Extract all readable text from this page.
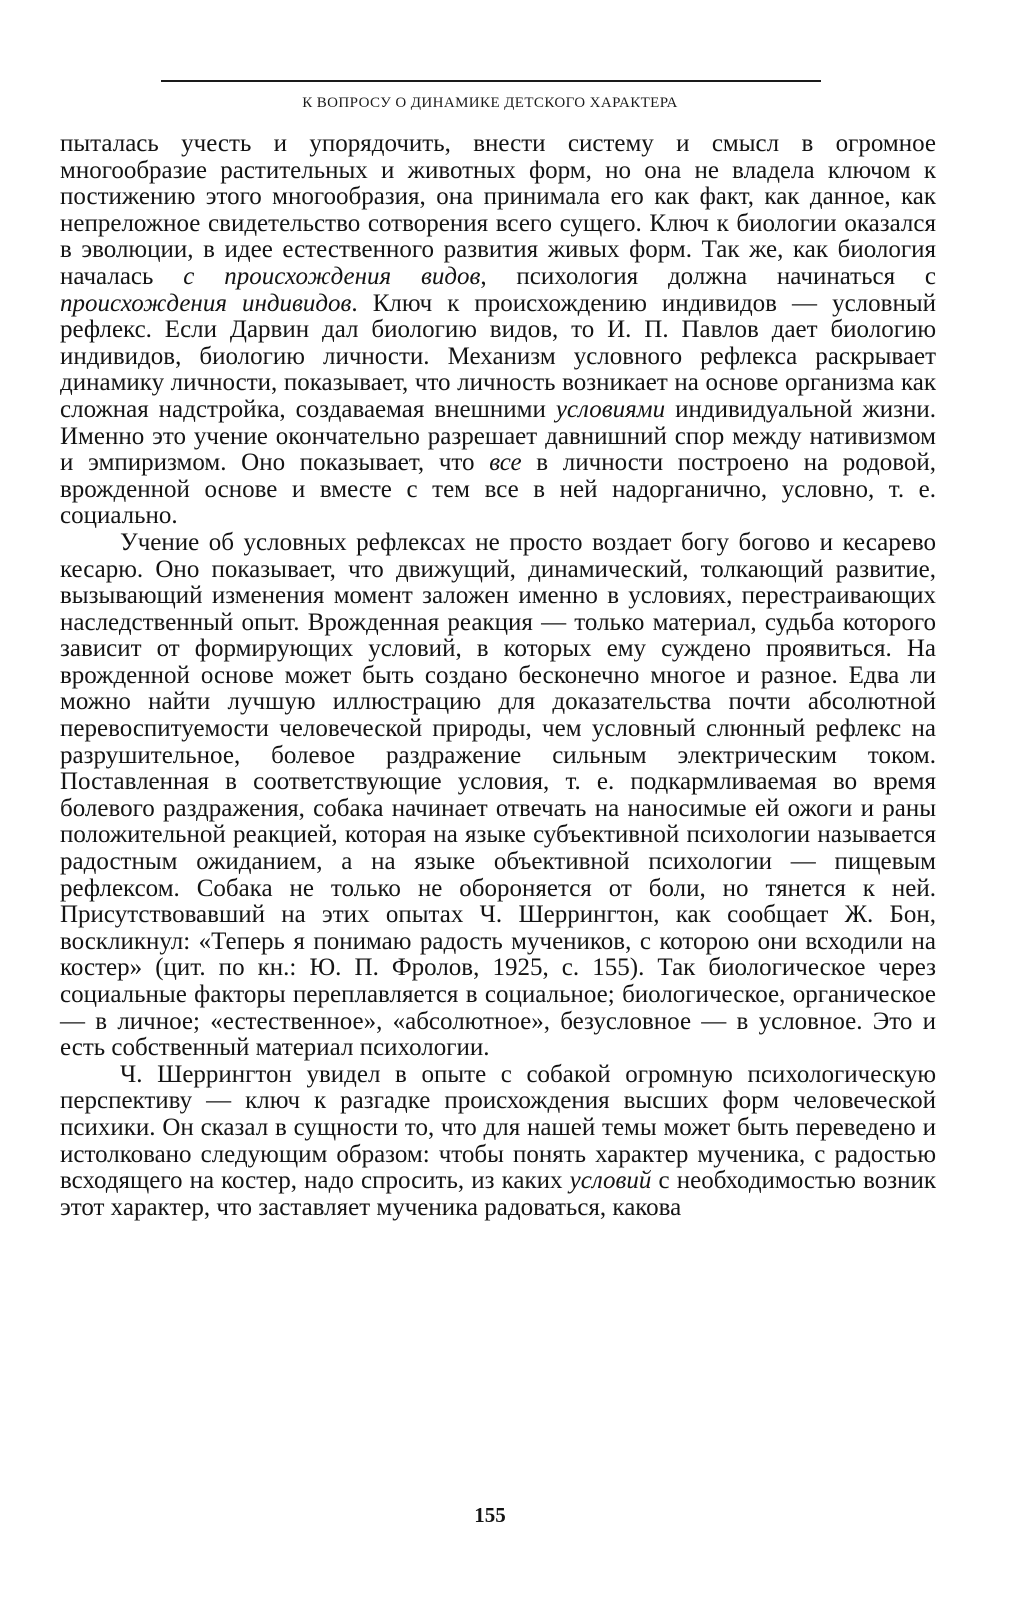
К ВОПРОСУ О ДИНАМИКЕ ДЕТСКОГО ХАРАКТЕРА

пыталась учесть и упорядочить, внести систему и смысл в огромное многообразие растительных и животных форм, но она не владела ключом к постижению этого многообразия, она принимала его как факт, как данное, как непреложное свидетельство сотворения всего сущего. Ключ к биологии оказался в эволюции, в идее естественного развития живых форм. Так же, как биология началась с происхождения видов, психология должна начинаться с происхождения индивидов. Ключ к происхождению индивидов — условный рефлекс. Если Дарвин дал биологию видов, то И. П. Павлов дает биологию индивидов, биологию личности. Механизм условного рефлекса раскрывает динамику личности, показывает, что личность возникает на основе организма как сложная надстройка, создаваемая внешними условиями индивидуальной жизни. Именно это учение окончательно разрешает давнишний спор между нативизмом и эмпиризмом. Оно показывает, что все в личности построено на родовой, врожденной основе и вместе с тем все в ней надорганично, условно, т. е. социально.

Учение об условных рефлексах не просто воздает богу богово и кесарево кесарю. Оно показывает, что движущий, динамический, толкающий развитие, вызывающий изменения момент заложен именно в условиях, перестраивающих наследственный опыт. Врожденная реакция — только материал, судьба которого зависит от формирующих условий, в которых ему суждено проявиться. На врожденной основе может быть создано бесконечно многое и разное. Едва ли можно найти лучшую иллюстрацию для доказательства почти абсолютной перевоспитуемости человеческой природы, чем условный слюнный рефлекс на разрушительное, болевое раздражение сильным электрическим током. Поставленная в соответствующие условия, т. е. подкармливаемая во время болевого раздражения, собака начинает отвечать на наносимые ей ожоги и раны положительной реакцией, которая на языке субъективной психологии называется радостным ожиданием, а на языке объективной психологии — пищевым рефлексом. Собака не только не обороняется от боли, но тянется к ней. Присутствовавший на этих опытах Ч. Шеррингтон, как сообщает Ж. Бон, воскликнул: «Теперь я понимаю радость мучеников, с которою они всходили на костер» (цит. по кн.: Ю. П. Фролов, 1925, с. 155). Так биологическое через социальные факторы переплавляется в социальное; биологическое, органическое — в личное; «естественное», «абсолютное», безусловное — в условное. Это и есть собственный материал психологии.

Ч. Шеррингтон увидел в опыте с собакой огромную психологическую перспективу — ключ к разгадке происхождения высших форм человеческой психики. Он сказал в сущности то, что для нашей темы может быть переведено и истолковано следующим образом: чтобы понять характер мученика, с радостью всходящего на костер, надо спросить, из каких условий с необходимостью возник этот характер, что заставляет мученика радоваться, какова

155
